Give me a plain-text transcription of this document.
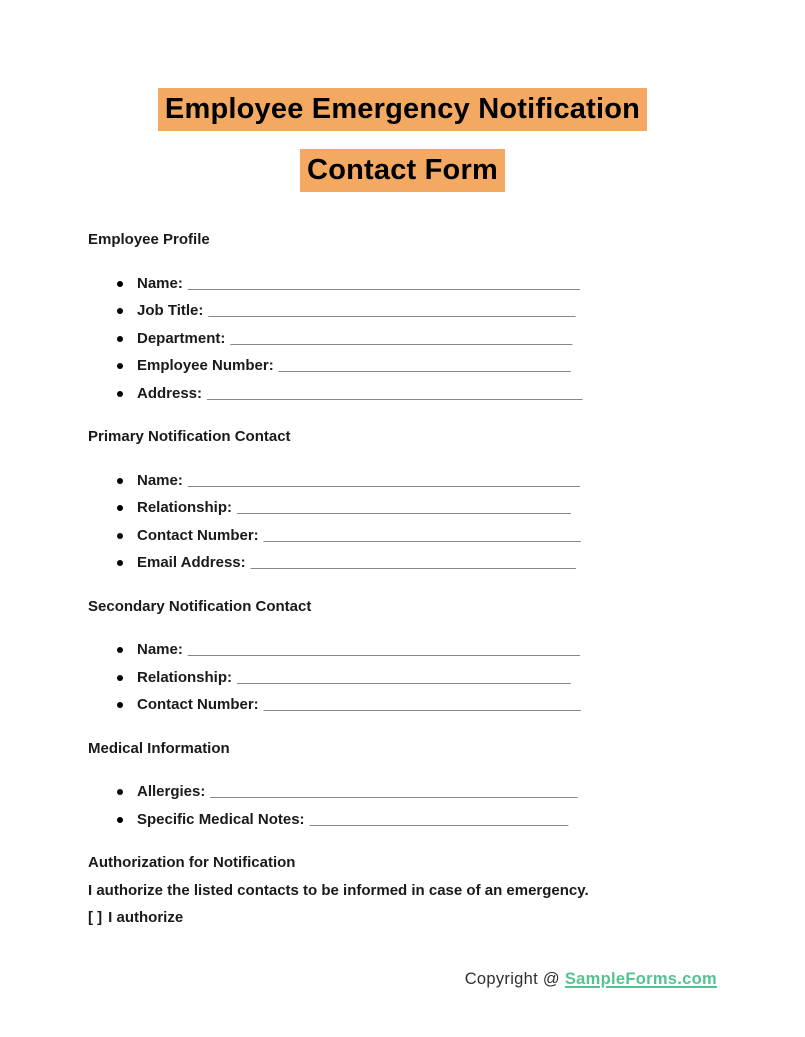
Employee Emergency Notification
Contact Form
Employee Profile
Name: _______________________________________________
Job Title: ____________________________________________
Department: _________________________________________
Employee Number: ___________________________________
Address: _____________________________________________
Primary Notification Contact
Name: _______________________________________________
Relationship: ________________________________________
Contact Number: ______________________________________
Email Address: _______________________________________
Secondary Notification Contact
Name: _______________________________________________
Relationship: ________________________________________
Contact Number: ______________________________________
Medical Information
Allergies: ____________________________________________
Specific Medical Notes: _______________________________
Authorization for Notification
I authorize the listed contacts to be informed in case of an emergency.
[ ] I authorize
Copyright @ SampleForms.com
